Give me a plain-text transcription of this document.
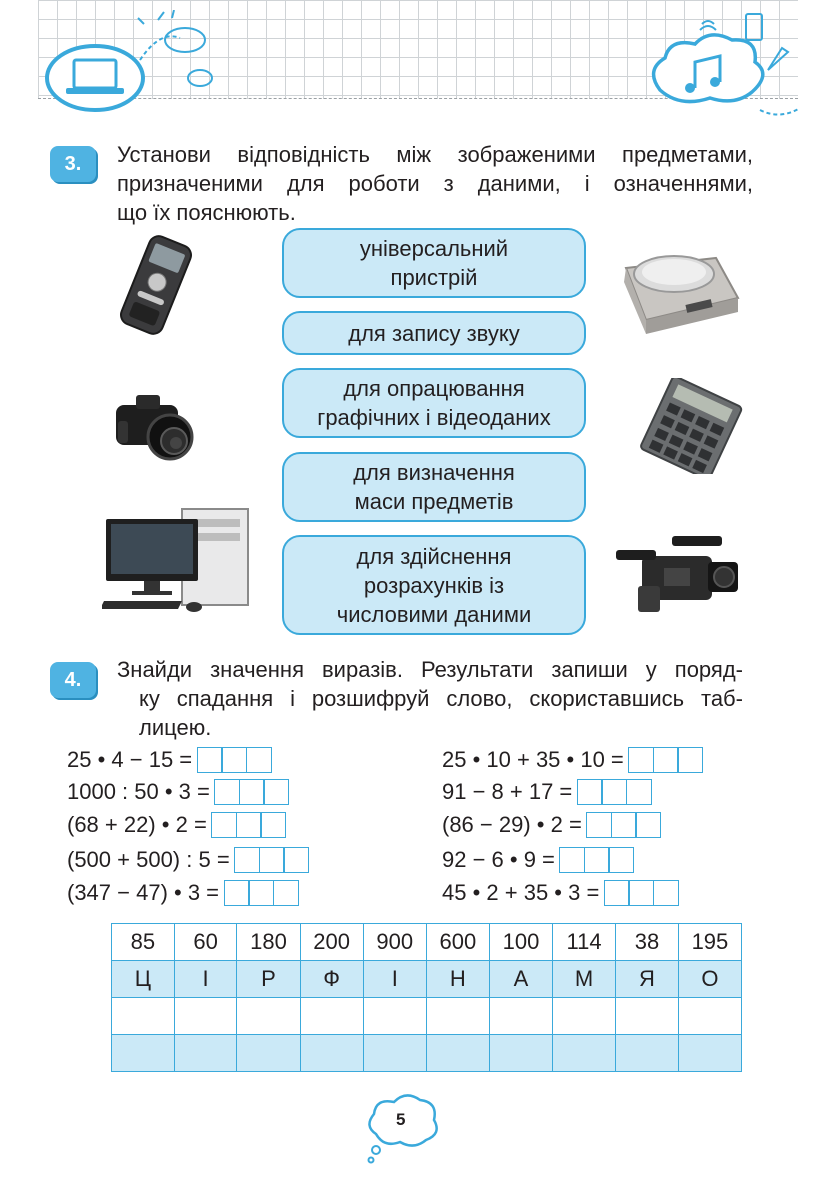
3.	Установи відповідність між зображеними предметами,
призначеними для роботи з даними, і означеннями,
що їх пояснюють.
універсальний
пристрій
для запису звуку
для опрацювання
графічних і відеоданих
для визначення
маси предметів
для здійснення
розрахунків із
числовими даними
4.	Знайди значення виразів. Результати запиши у поряд-
ку спадання і розшифруй слово, скориставшись таб-
лицею.
25 • 4 − 15 =
1000 : 50 • 3 =
(68 + 22) • 2 =
(500 + 500) : 5 =
(347 − 47) • 3 =
25 • 10 + 35 • 10 =
91 − 8 + 17 =
(86 − 29) • 2 =
92 − 6 • 9 =
45 • 2 + 35 • 3 =
85	60	180	200	900	600	100	114	38	195
Ц	І	Р	Ф	І	Н	А	М	Я	О

5
